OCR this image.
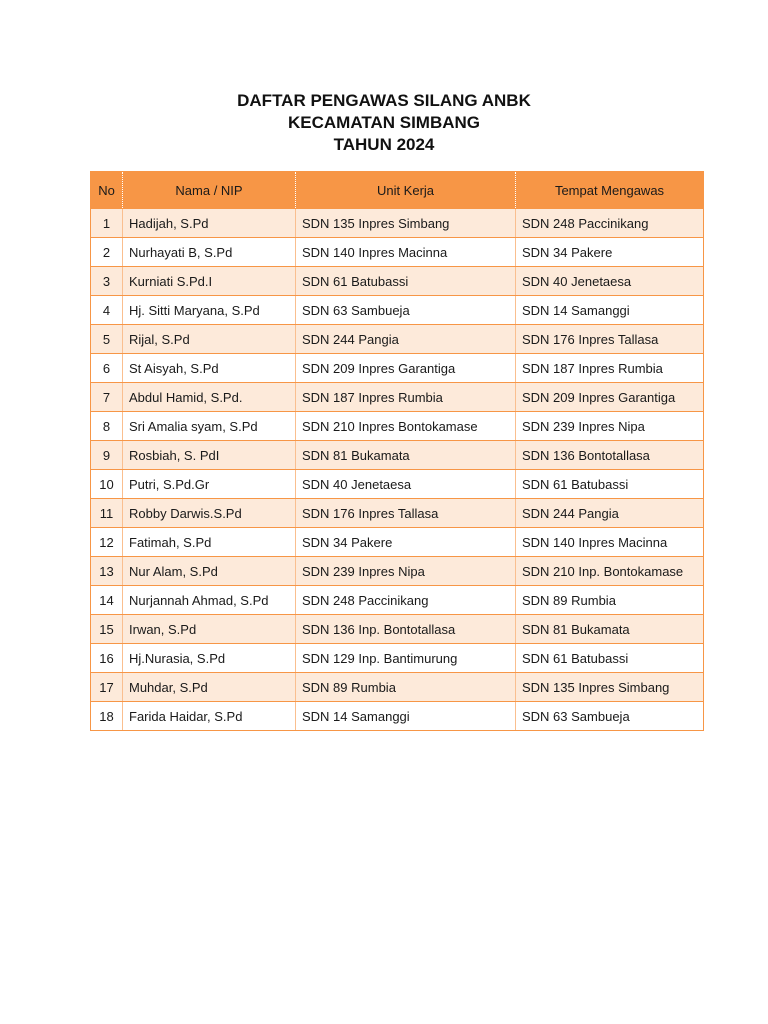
DAFTAR PENGAWAS SILANG ANBK

KECAMATAN SIMBANG

TAHUN 2024

No	Nama / NIP	Unit Kerja	Tempat Mengawas
1	Hadijah, S.Pd	SDN 135 Inpres Simbang	SDN 248 Paccinikang
2	Nurhayati B, S.Pd	SDN 140 Inpres Macinna	SDN 34 Pakere
3	Kurniati S.Pd.I	SDN 61 Batubassi	SDN 40 Jenetaesa
4	Hj. Sitti Maryana, S.Pd	SDN 63 Sambueja	SDN 14 Samanggi
5	Rijal, S.Pd	SDN 244 Pangia	SDN 176 Inpres Tallasa
6	St Aisyah, S.Pd	SDN 209 Inpres Garantiga	SDN 187 Inpres Rumbia
7	Abdul Hamid, S.Pd.	SDN 187 Inpres Rumbia	SDN 209 Inpres Garantiga
8	Sri Amalia syam, S.Pd	SDN 210 Inpres Bontokamase	SDN 239 Inpres Nipa
9	Rosbiah, S. PdI	SDN 81 Bukamata	SDN 136 Bontotallasa
10	Putri, S.Pd.Gr	SDN 40 Jenetaesa	SDN 61 Batubassi
11	Robby Darwis.S.Pd	SDN 176 Inpres Tallasa	SDN 244 Pangia
12	Fatimah, S.Pd	SDN 34 Pakere	SDN 140 Inpres Macinna
13	Nur Alam, S.Pd	SDN 239 Inpres Nipa	SDN 210 Inp. Bontokamase
14	Nurjannah Ahmad, S.Pd	SDN 248 Paccinikang	SDN 89 Rumbia
15	Irwan, S.Pd	SDN 136 Inp. Bontotallasa	SDN 81 Bukamata
16	Hj.Nurasia, S.Pd	SDN 129 Inp. Bantimurung	SDN 61 Batubassi
17	Muhdar, S.Pd	SDN 89 Rumbia	SDN 135 Inpres Simbang
18	Farida Haidar, S.Pd	SDN 14 Samanggi	SDN 63 Sambueja
